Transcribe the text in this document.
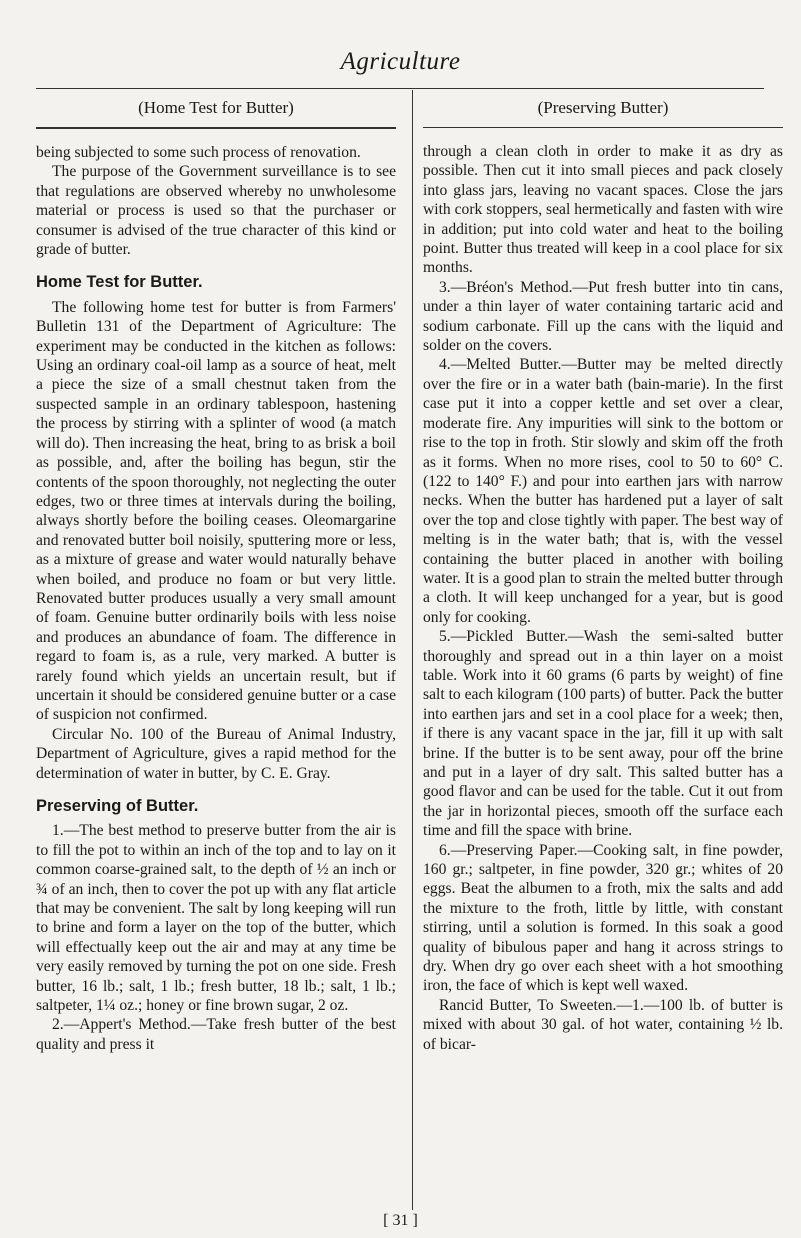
Agriculture
(Home Test for Butter)

being subjected to some such process of renovation.

The purpose of the Government surveillance is to see that regulations are observed whereby no unwholesome material or process is used so that the purchaser or consumer is advised of the true character of this kind or grade of butter.

Home Test for Butter.

The following home test for butter is from Farmers' Bulletin 131 of the Department of Agriculture: The experiment may be conducted in the kitchen as follows: Using an ordinary coal-oil lamp as a source of heat, melt a piece the size of a small chestnut taken from the suspected sample in an ordinary tablespoon, hastening the process by stirring with a splinter of wood (a match will do). Then increasing the heat, bring to as brisk a boil as possible, and, after the boiling has begun, stir the contents of the spoon thoroughly, not neglecting the outer edges, two or three times at intervals during the boiling, always shortly before the boiling ceases. Oleomargarine and renovated butter boil noisily, sputtering more or less, as a mixture of grease and water would naturally behave when boiled, and produce no foam or but very little. Renovated butter produces usually a very small amount of foam. Genuine butter ordinarily boils with less noise and produces an abundance of foam. The difference in regard to foam is, as a rule, very marked. A butter is rarely found which yields an uncertain result, but if uncertain it should be considered genuine butter or a case of suspicion not confirmed.

Circular No. 100 of the Bureau of Animal Industry, Department of Agriculture, gives a rapid method for the determination of water in butter, by C. E. Gray.

Preserving of Butter.

1.—The best method to preserve butter from the air is to fill the pot to within an inch of the top and to lay on it common coarse-grained salt, to the depth of ½ an inch or ¾ of an inch, then to cover the pot up with any flat article that may be convenient. The salt by long keeping will run to brine and form a layer on the top of the butter, which will effectually keep out the air and may at any time be very easily removed by turning the pot on one side. Fresh butter, 16 lb.; salt, 1 lb.; fresh butter, 18 lb.; salt, 1 lb.; saltpeter, 1¼ oz.; honey or fine brown sugar, 2 oz.

2.—Appert's Method.—Take fresh butter of the best quality and press it

(Preserving Butter)

through a clean cloth in order to make it as dry as possible. Then cut it into small pieces and pack closely into glass jars, leaving no vacant spaces. Close the jars with cork stoppers, seal hermetically and fasten with wire in addition; put into cold water and heat to the boiling point. Butter thus treated will keep in a cool place for six months.

3.—Bréon's Method.—Put fresh butter into tin cans, under a thin layer of water containing tartaric acid and sodium carbonate. Fill up the cans with the liquid and solder on the covers.

4.—Melted Butter.—Butter may be melted directly over the fire or in a water bath (bain-marie). In the first case put it into a copper kettle and set over a clear, moderate fire. Any impurities will sink to the bottom or rise to the top in froth. Stir slowly and skim off the froth as it forms. When no more rises, cool to 50 to 60° C. (122 to 140° F.) and pour into earthen jars with narrow necks. When the butter has hardened put a layer of salt over the top and close tightly with paper. The best way of melting is in the water bath; that is, with the vessel containing the butter placed in another with boiling water. It is a good plan to strain the melted butter through a cloth. It will keep unchanged for a year, but is good only for cooking.

5.—Pickled Butter.—Wash the semi-salted butter thoroughly and spread out in a thin layer on a moist table. Work into it 60 grams (6 parts by weight) of fine salt to each kilogram (100 parts) of butter. Pack the butter into earthen jars and set in a cool place for a week; then, if there is any vacant space in the jar, fill it up with salt brine. If the butter is to be sent away, pour off the brine and put in a layer of dry salt. This salted butter has a good flavor and can be used for the table. Cut it out from the jar in horizontal pieces, smooth off the surface each time and fill the space with brine.

6.—Preserving Paper.—Cooking salt, in fine powder, 160 gr.; saltpeter, in fine powder, 320 gr.; whites of 20 eggs. Beat the albumen to a froth, mix the salts and add the mixture to the froth, little by little, with constant stirring, until a solution is formed. In this soak a good quality of bibulous paper and hang it across strings to dry. When dry go over each sheet with a hot smoothing iron, the face of which is kept well waxed.

Rancid Butter, To Sweeten.—1.—100 lb. of butter is mixed with about 30 gal. of hot water, containing ½ lb. of bicar-

[ 31 ]
